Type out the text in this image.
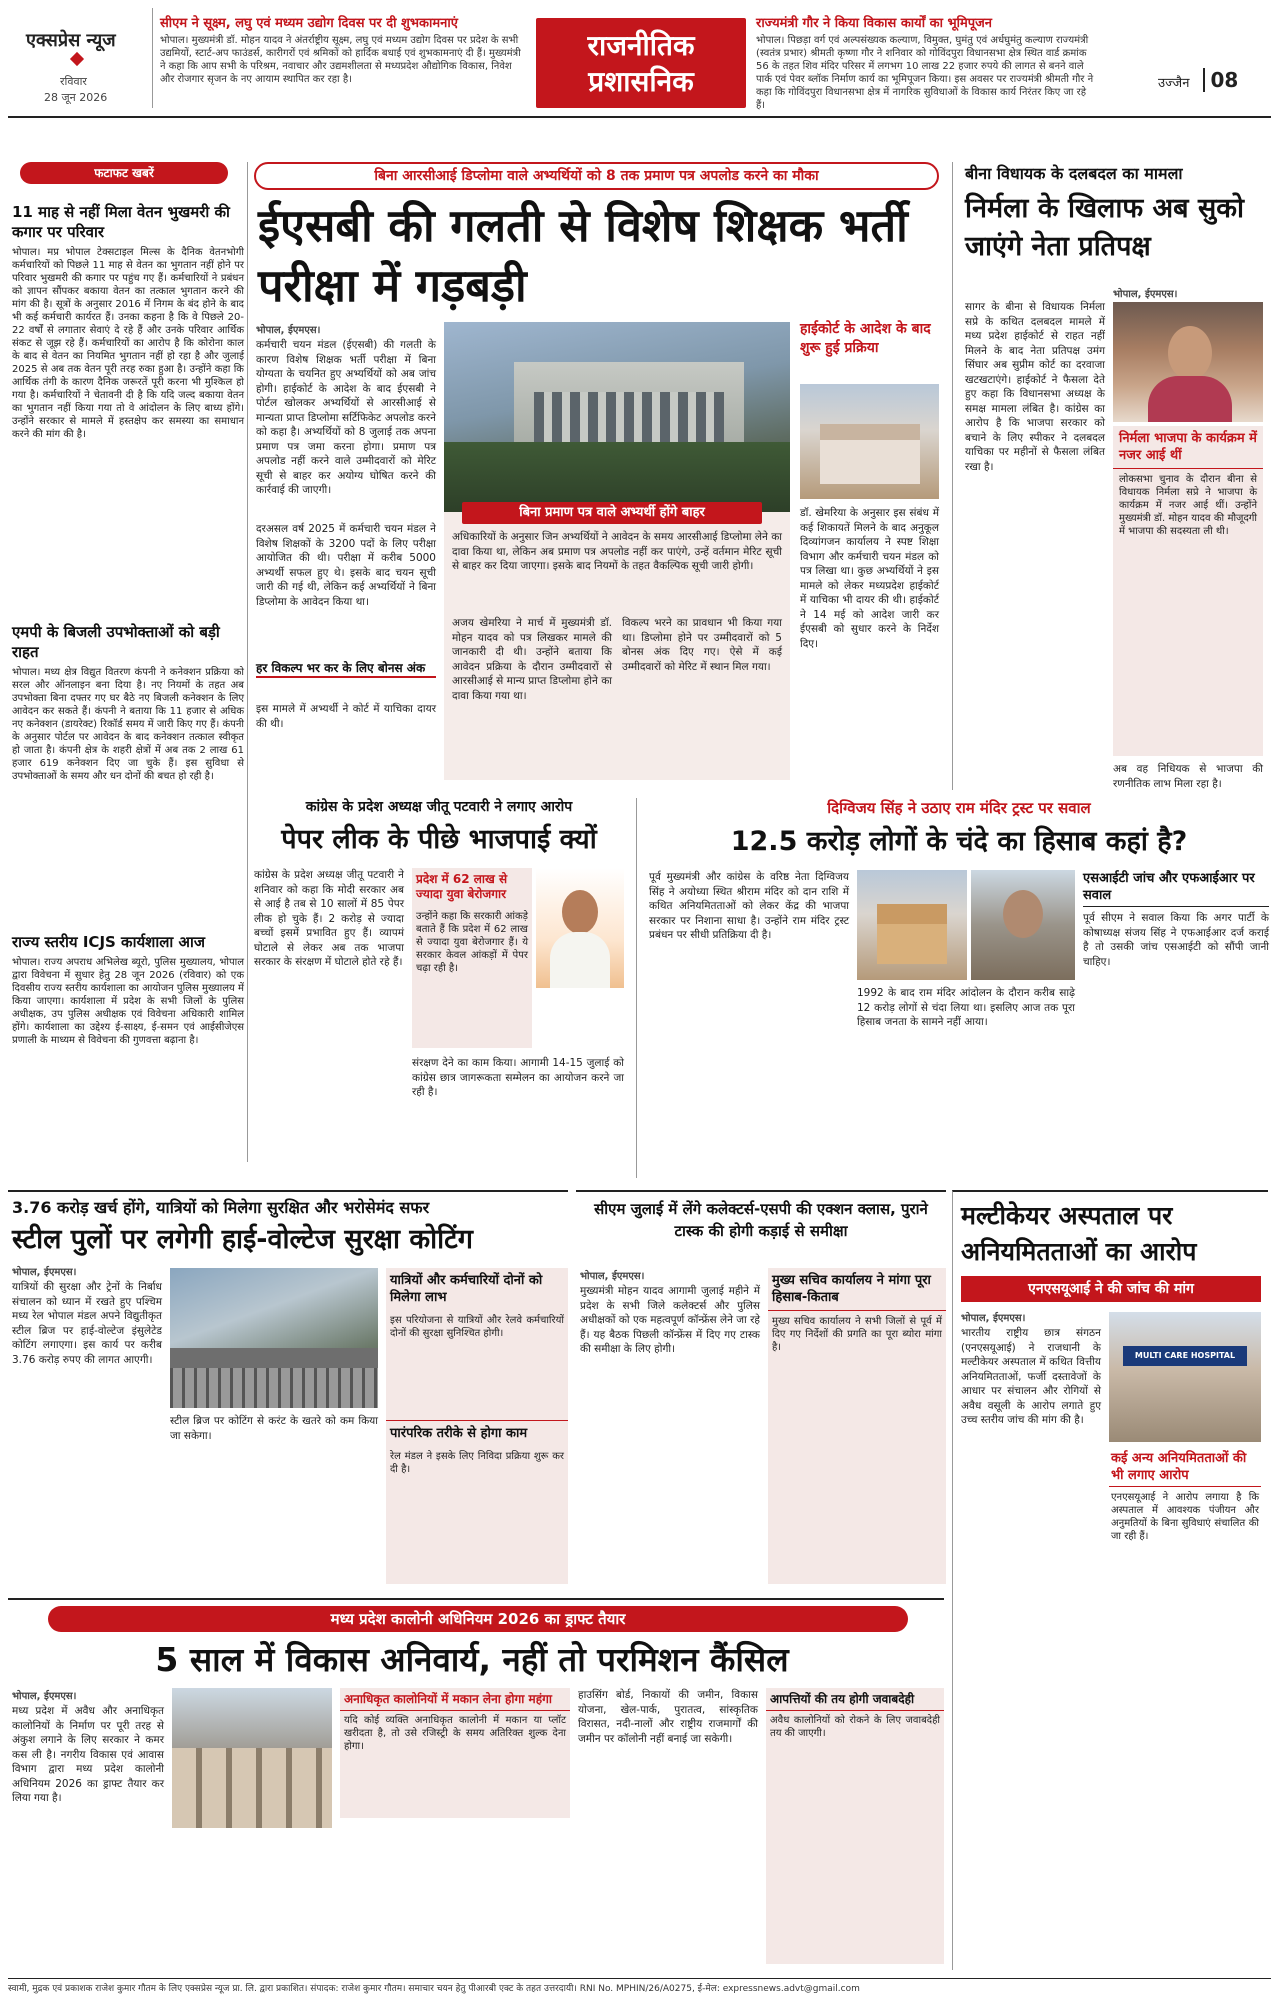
एक्सप्रेस न्यूज
रविवार
28 जून 2026
सीएम ने सूक्ष्म, लघु एवं मध्यम उद्योग दिवस पर दी शुभकामनाएं
भोपाल। मुख्यमंत्री डॉ. मोहन यादव ने अंतर्राष्ट्रीय सूक्ष्म, लघु एवं मध्यम उद्योग दिवस पर प्रदेश के सभी उद्यमियों, स्टार्ट-अप फाउंडर्स, कारीगरों एवं श्रमिकों को हार्दिक बधाई एवं शुभकामनाएं दी हैं। मुख्यमंत्री ने कहा कि आप सभी के परिश्रम, नवाचार और उद्यमशीलता से मध्यप्रदेश औद्योगिक विकास, निवेश और रोजगार सृजन के नए आयाम स्थापित कर रहा है।
राजनीतिक प्रशासनिक
राज्यमंत्री गौर ने किया विकास कार्यों का भूमिपूजन
भोपाल। पिछड़ा वर्ग एवं अल्पसंख्यक कल्याण, विमुक्त, घुमंतु एवं अर्धघुमंतु कल्याण राज्यमंत्री (स्वतंत्र प्रभार) श्रीमती कृष्णा गौर ने शनिवार को गोविंदपुरा विधानसभा क्षेत्र स्थित वार्ड क्रमांक 56 के तहत शिव मंदिर परिसर में लगभग 10 लाख 22 हजार रुपये की लागत से बनने वाले पार्क एवं पेवर ब्लॉक निर्माण कार्य का भूमिपूजन किया। इस अवसर पर राज्यमंत्री श्रीमती गौर ने कहा कि गोविंदपुरा विधानसभा क्षेत्र में नागरिक सुविधाओं के विकास कार्य निरंतर किए जा रहे हैं।
उज्जैन 08
फटाफट खबरें
11 माह से नहीं मिला वेतन भुखमरी की कगार पर परिवार
भोपाल। मप्र भोपाल टेक्सटाइल मिल्स के दैनिक वेतनभोगी कर्मचारियों को पिछले 11 माह से वेतन का भुगतान नहीं होने पर परिवार भुखमरी की कगार पर पहुंच गए हैं। कर्मचारियों ने प्रबंधन को ज्ञापन सौंपकर बकाया वेतन का तत्काल भुगतान करने की मांग की है। सूत्रों के अनुसार 2016 में निगम के बंद होने के बाद भी कई कर्मचारी कार्यरत हैं। उनका कहना है कि वे पिछले 20-22 वर्षों से लगातार सेवाएं दे रहे हैं और उनके परिवार आर्थिक संकट से जूझ रहे हैं। कर्मचारियों का आरोप है कि कोरोना काल के बाद से वेतन का नियमित भुगतान नहीं हो रहा है और जुलाई 2025 से अब तक वेतन पूरी तरह रुका हुआ है। उन्होंने कहा कि आर्थिक तंगी के कारण दैनिक जरूरतें पूरी करना भी मुश्किल हो गया है। कर्मचारियों ने चेतावनी दी है कि यदि जल्द बकाया वेतन का भुगतान नहीं किया गया तो वे आंदोलन के लिए बाध्य होंगे। उन्होंने सरकार से मामले में हस्तक्षेप कर समस्या का समाधान करने की मांग की है।
एमपी के बिजली उपभोक्ताओं को बड़ी राहत
भोपाल। मध्य क्षेत्र विद्युत वितरण कंपनी ने कनेक्शन प्रक्रिया को सरल और ऑनलाइन बना दिया है। नए नियमों के तहत अब उपभोक्ता बिना दफ्तर गए घर बैठे नए बिजली कनेक्शन के लिए आवेदन कर सकते हैं। कंपनी ने बताया कि 11 हजार से अधिक नए कनेक्शन (डायरेक्ट) रिकॉर्ड समय में जारी किए गए हैं। कंपनी के अनुसार पोर्टल पर आवेदन के बाद कनेक्शन तत्काल स्वीकृत हो जाता है। कंपनी क्षेत्र के शहरी क्षेत्रों में अब तक 2 लाख 61 हजार 619 कनेक्शन दिए जा चुके हैं। इस सुविधा से उपभोक्ताओं के समय और धन दोनों की बचत हो रही है।
राज्य स्तरीय ICJS कार्यशाला आज
भोपाल। राज्य अपराध अभिलेख ब्यूरो, पुलिस मुख्यालय, भोपाल द्वारा विवेचना में सुधार हेतु 28 जून 2026 (रविवार) को एक दिवसीय राज्य स्तरीय कार्यशाला का आयोजन पुलिस मुख्यालय में किया जाएगा। कार्यशाला में प्रदेश के सभी जिलों के पुलिस अधीक्षक, उप पुलिस अधीक्षक एवं विवेचना अधिकारी शामिल होंगे। कार्यशाला का उद्देश्य ई-साक्ष्य, ई-समन एवं आईसीजेएस प्रणाली के माध्यम से विवेचना की गुणवत्ता बढ़ाना है।
बिना आरसीआई डिप्लोमा वाले अभ्यर्थियों को 8 तक प्रमाण पत्र अपलोड करने का मौका
ईएसबी की गलती से विशेष शिक्षक भर्ती परीक्षा में गड़बड़ी
भोपाल, ईएमएस।
कर्मचारी चयन मंडल (ईएसबी) की गलती के कारण विशेष शिक्षक भर्ती परीक्षा में बिना योग्यता के चयनित हुए अभ्यर्थियों को अब जांच होगी। हाईकोर्ट के आदेश के बाद ईएसबी ने पोर्टल खोलकर अभ्यर्थियों से आरसीआई से मान्यता प्राप्त डिप्लोमा सर्टिफिकेट अपलोड करने को कहा है। अभ्यर्थियों को 8 जुलाई तक अपना प्रमाण पत्र जमा करना होगा। प्रमाण पत्र अपलोड नहीं करने वाले उम्मीदवारों को मेरिट सूची से बाहर कर अयोग्य घोषित करने की कार्रवाई की जाएगी।
दरअसल वर्ष 2025 में कर्मचारी चयन मंडल ने विशेष शिक्षकों के 3200 पदों के लिए परीक्षा आयोजित की थी। परीक्षा में करीब 5000 अभ्यर्थी सफल हुए थे। इसके बाद चयन सूची जारी की गई थी, लेकिन कई अभ्यर्थियों ने बिना डिप्लोमा के आवेदन किया था।
हर विकल्प भर कर के लिए बोनस अंक
इस मामले में अभ्यर्थी ने कोर्ट में याचिका दायर की थी।
बिना प्रमाण पत्र वाले अभ्यर्थी होंगे बाहर
अधिकारियों के अनुसार जिन अभ्यर्थियों ने आवेदन के समय आरसीआई डिप्लोमा लेने का दावा किया था, लेकिन अब प्रमाण पत्र अपलोड नहीं कर पाएंगे, उन्हें वर्तमान मेरिट सूची से बाहर कर दिया जाएगा। इसके बाद नियमों के तहत वैकल्पिक सूची जारी होगी।
अजय खेमरिया ने मार्च में मुख्यमंत्री डॉ. मोहन यादव को पत्र लिखकर मामले की जानकारी दी थी। उन्होंने बताया कि आवेदन प्रक्रिया के दौरान उम्मीदवारों से आरसीआई से मान्य प्राप्त डिप्लोमा होने का दावा किया गया था।
विकल्प भरने का प्रावधान भी किया गया था। डिप्लोमा होने पर उम्मीदवारों को 5 बोनस अंक दिए गए। ऐसे में कई उम्मीदवारों को मेरिट में स्थान मिल गया।
हाईकोर्ट के आदेश के बाद शुरू हुई प्रक्रिया
डॉ. खेमरिया के अनुसार इस संबंध में कई शिकायतें मिलने के बाद अनुकूल दिव्यांगजन कार्यालय ने स्पष्ट शिक्षा विभाग और कर्मचारी चयन मंडल को पत्र लिखा था। कुछ अभ्यर्थियों ने इस मामले को लेकर मध्यप्रदेश हाईकोर्ट में याचिका भी दायर की थी। हाईकोर्ट ने 14 मई को आदेश जारी कर ईएसबी को सुधार करने के निर्देश दिए।
बीना विधायक के दलबदल का मामला
निर्मला के खिलाफ अब सुको जाएंगे नेता प्रतिपक्ष
भोपाल, ईएमएस।
सागर के बीना से विधायक निर्मला सप्रे के कथित दलबदल मामले में मध्य प्रदेश हाईकोर्ट से राहत नहीं मिलने के बाद नेता प्रतिपक्ष उमंग सिंघार अब सुप्रीम कोर्ट का दरवाजा खटखटाएंगे। हाईकोर्ट ने फैसला देते हुए कहा कि विधानसभा अध्यक्ष के समक्ष मामला लंबित है। कांग्रेस का आरोप है कि भाजपा सरकार को बचाने के लिए स्पीकर ने दलबदल याचिका पर महीनों से फैसला लंबित रखा है।
निर्मला भाजपा के कार्यक्रम में नजर आई थीं
लोकसभा चुनाव के दौरान बीना से विधायक निर्मला सप्रे ने भाजपा के कार्यक्रम में नजर आई थीं। उन्होंने मुख्यमंत्री डॉ. मोहन यादव की मौजूदगी में भाजपा की सदस्यता ली थी।
अब वह निधियक से भाजपा की रणनीतिक लाभ मिला रहा है।
कांग्रेस के प्रदेश अध्यक्ष जीतू पटवारी ने लगाए आरोप
पेपर लीक के पीछे भाजपाई क्यों
कांग्रेस के प्रदेश अध्यक्ष जीतू पटवारी ने शनिवार को कहा कि मोदी सरकार अब से आई है तब से 10 सालों में 85 पेपर लीक हो चुके हैं। 2 करोड़ से ज्यादा बच्चों इसमें प्रभावित हुए हैं। व्यापमं घोटाले से लेकर अब तक भाजपा सरकार के संरक्षण में घोटाले होते रहे हैं।
प्रदेश में 62 लाख से ज्यादा युवा बेरोजगार
उन्होंने कहा कि सरकारी आंकड़े बताते हैं कि प्रदेश में 62 लाख से ज्यादा युवा बेरोजगार हैं। ये सरकार केवल आंकड़ों में पेपर चढ़ा रही है।
संरक्षण देने का काम किया। आगामी 14-15 जुलाई को कांग्रेस छात्र जागरूकता सम्मेलन का आयोजन करने जा रही है।
दिग्विजय सिंह ने उठाए राम मंदिर ट्रस्ट पर सवाल
12.5 करोड़ लोगों के चंदे का हिसाब कहां है?
पूर्व मुख्यमंत्री और कांग्रेस के वरिष्ठ नेता दिग्विजय सिंह ने अयोध्या स्थित श्रीराम मंदिर को दान राशि में कथित अनियमितताओं को लेकर केंद्र की भाजपा सरकार पर निशाना साधा है। उन्होंने राम मंदिर ट्रस्ट प्रबंधन पर सीधी प्रतिक्रिया दी है।
1992 के बाद राम मंदिर आंदोलन के दौरान करीब साढ़े 12 करोड़ लोगों से चंदा लिया था। इसलिए आज तक पूरा हिसाब जनता के सामने नहीं आया।
एसआईटी जांच और एफआईआर पर सवाल
पूर्व सीएम ने सवाल किया कि अगर पार्टी के कोषाध्यक्ष संजय सिंह ने एफआईआर दर्ज कराई है तो उसकी जांच एसआईटी को सौंपी जानी चाहिए।
3.76 करोड़ खर्च होंगे, यात्रियों को मिलेगा सुरक्षित और भरोसेमंद सफर
स्टील पुलों पर लगेगी हाई-वोल्टेज सुरक्षा कोटिंग
भोपाल, ईएमएस।
यात्रियों की सुरक्षा और ट्रेनों के निर्बाध संचालन को ध्यान में रखते हुए पश्चिम मध्य रेल भोपाल मंडल अपने विद्युतीकृत स्टील ब्रिज पर हाई-वोल्टेज इंसुलेटेड कोटिंग लगाएगा। इस कार्य पर करीब 3.76 करोड़ रुपए की लागत आएगी।
स्टील ब्रिज पर कोटिंग से करंट के खतरे को कम किया जा सकेगा।
यात्रियों और कर्मचारियों दोनों को मिलेगा लाभ
इस परियोजना से यात्रियों और रेलवे कर्मचारियों दोनों की सुरक्षा सुनिश्चित होगी।
पारंपरिक तरीके से होगा काम
रेल मंडल ने इसके लिए निविदा प्रक्रिया शुरू कर दी है।
सीएम जुलाई में लेंगे कलेक्टर्स-एसपी की एक्शन क्लास, पुराने टास्क की होगी कड़ाई से समीक्षा
भोपाल, ईएमएस।
मुख्यमंत्री मोहन यादव आगामी जुलाई महीने में प्रदेश के सभी जिले कलेक्टर्स और पुलिस अधीक्षकों को एक महत्वपूर्ण कॉन्फ्रेंस लेने जा रहे हैं। यह बैठक पिछली कॉन्फ्रेंस में दिए गए टास्क की समीक्षा के लिए होगी।
मुख्य सचिव कार्यालय ने मांगा पूरा हिसाब-किताब
मुख्य सचिव कार्यालय ने सभी जिलों से पूर्व में दिए गए निर्देशों की प्रगति का पूरा ब्योरा मांगा है।
मल्टीकेयर अस्पताल पर अनियमितताओं का आरोप
एनएसयूआई ने की जांच की मांग
भोपाल, ईएमएस।
भारतीय राष्ट्रीय छात्र संगठन (एनएसयूआई) ने राजधानी के मल्टीकेयर अस्पताल में कथित वित्तीय अनियमितताओं, फर्जी दस्तावेजों के आधार पर संचालन और रोगियों से अवैध वसूली के आरोप लगाते हुए उच्च स्तरीय जांच की मांग की है।
MULTI CARE HOSPITAL
कई अन्य अनियमितताओं की भी लगाए आरोप
एनएसयूआई ने आरोप लगाया है कि अस्पताल में आवश्यक पंजीयन और अनुमतियों के बिना सुविधाएं संचालित की जा रही हैं।
मध्य प्रदेश कालोनी अधिनियम 2026 का ड्राफ्ट तैयार
5 साल में विकास अनिवार्य, नहीं तो परमिशन कैंसिल
भोपाल, ईएमएस।
मध्य प्रदेश में अवैध और अनाधिकृत कालोनियों के निर्माण पर पूरी तरह से अंकुश लगाने के लिए सरकार ने कमर कस ली है। नगरीय विकास एवं आवास विभाग द्वारा मध्य प्रदेश कालोनी अधिनियम 2026 का ड्राफ्ट तैयार कर लिया गया है।
अनाधिकृत कालोनियों में मकान लेना होगा महंगा
यदि कोई व्यक्ति अनाधिकृत कालोनी में मकान या प्लॉट खरीदता है, तो उसे रजिस्ट्री के समय अतिरिक्त शुल्क देना होगा।
हाउसिंग बोर्ड, निकायों की जमीन, विकास योजना, खेल-पार्क, पुरातत्व, सांस्कृतिक विरासत, नदी-नालों और राष्ट्रीय राजमार्गों की जमीन पर कॉलोनी नहीं बनाई जा सकेगी।
आपत्तियों की तय होगी जवाबदेही
अवैध कालोनियों को रोकने के लिए जवाबदेही तय की जाएगी।
स्वामी, मुद्रक एवं प्रकाशक राजेश कुमार गौतम के लिए एक्सप्रेस न्यूज प्रा. लि. द्वारा प्रकाशित। संपादक: राजेश कुमार गौतम। समाचार चयन हेतु पीआरबी एक्ट के तहत उत्तरदायी। RNI No. MPHIN/26/A0275, ई-मेल: expressnews.advt@gmail.com
